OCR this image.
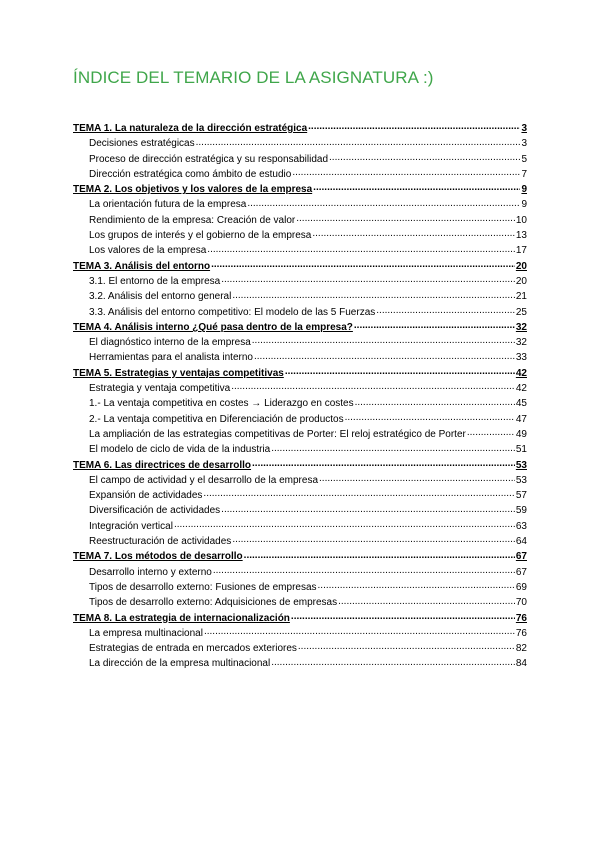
ÍNDICE DEL TEMARIO DE LA ASIGNATURA :)
TEMA 1. La naturaleza de la dirección estratégica .....	3
Decisiones estratégicas .....	3
Proceso de dirección estratégica y su responsabilidad .....	5
Dirección estratégica como ámbito de estudio .....	7
TEMA 2. Los objetivos y los valores de la empresa .....	9
La orientación futura de la empresa .....	9
Rendimiento de la empresa: Creación de valor .....	10
Los grupos de interés y el gobierno de la empresa .....	13
Los valores de la empresa .....	17
TEMA 3. Análisis del entorno .....	20
3.1. El entorno de la empresa .....	20
3.2. Análisis del entorno general .....	21
3.3. Análisis del entorno competitivo: El modelo de las 5 Fuerzas .....	25
TEMA 4. Análisis interno ¿Qué pasa dentro de la empresa? .....	32
El diagnóstico interno de la empresa .....	32
Herramientas para el analista interno .....	33
TEMA 5. Estrategias y ventajas competitivas .....	42
Estrategia y ventaja competitiva .....	42
1.- La ventaja competitiva en costes → Liderazgo en costes .....	45
2.- La ventaja competitiva en Diferenciación de productos .....	47
La ampliación de las estrategias competitivas de Porter: El reloj estratégico de Porter .....	49
El modelo de ciclo de vida de la industria .....	51
TEMA 6. Las directrices de desarrollo .....	53
El campo de actividad y el desarrollo de la empresa .....	53
Expansión de actividades .....	57
Diversificación de actividades .....	59
Integración vertical .....	63
Reestructuración de actividades .....	64
TEMA 7. Los métodos de desarrollo .....	67
Desarrollo interno y externo .....	67
Tipos de desarrollo externo: Fusiones de empresas .....	69
Tipos de desarrollo externo: Adquisiciones de empresas .....	70
TEMA 8. La estrategia de internacionalización .....	76
La empresa multinacional .....	76
Estrategias de entrada en mercados exteriores .....	82
La dirección de la empresa multinacional .....	84
